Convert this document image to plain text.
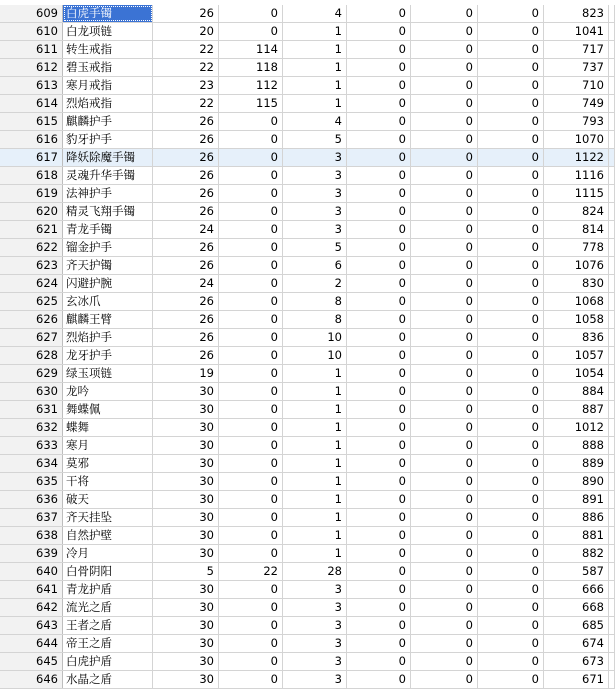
609 白虎手镯	26	0	4	0	0	0	823
610 白龙项链	20	0	1	0	0	0	1041
611 转生戒指	22	114	1	0	0	0	717
612 碧玉戒指	22	118	1	0	0	0	737
613 寒月戒指	23	112	1	0	0	0	710
614 烈焰戒指	22	115	1	0	0	0	749
615 麒麟护手	26	0	4	0	0	0	793
616 豹牙护手	26	0	5	0	0	0	1070
617 降妖除魔手镯	26	0	3	0	0	0	1122
618 灵魂升华手镯	26	0	3	0	0	0	1116
619 法神护手	26	0	3	0	0	0	1115
620 精灵飞翔手镯	26	0	3	0	0	0	824
621 青龙手镯	24	0	3	0	0	0	814
622 镏金护手	26	0	5	0	0	0	778
623 齐天护镯	26	0	6	0	0	0	1076
624 闪避护腕	24	0	2	0	0	0	830
625 玄冰爪	26	0	8	0	0	0	1068
626 麒麟王臂	26	0	8	0	0	0	1058
627 烈焰护手	26	0	10	0	0	0	836
628 龙牙护手	26	0	10	0	0	0	1057
629 绿玉项链	19	0	1	0	0	0	1054
630 龙吟	30	0	1	0	0	0	884
631 舞蝶佩	30	0	1	0	0	0	887
632 蝶舞	30	0	1	0	0	0	1012
633 寒月	30	0	1	0	0	0	888
634 莫邪	30	0	1	0	0	0	889
635 干将	30	0	1	0	0	0	890
636 破天	30	0	1	0	0	0	891
637 齐天挂坠	30	0	1	0	0	0	886
638 自然护壁	30	0	1	0	0	0	881
639 冷月	30	0	1	0	0	0	882
640 白骨阴阳	5	22	28	0	0	0	587
641 青龙护盾	30	0	3	0	0	0	666
642 流光之盾	30	0	3	0	0	0	668
643 王者之盾	30	0	3	0	0	0	685
644 帝王之盾	30	0	3	0	0	0	674
645 白虎护盾	30	0	3	0	0	0	673
646 水晶之盾	30	0	3	0	0	0	671
